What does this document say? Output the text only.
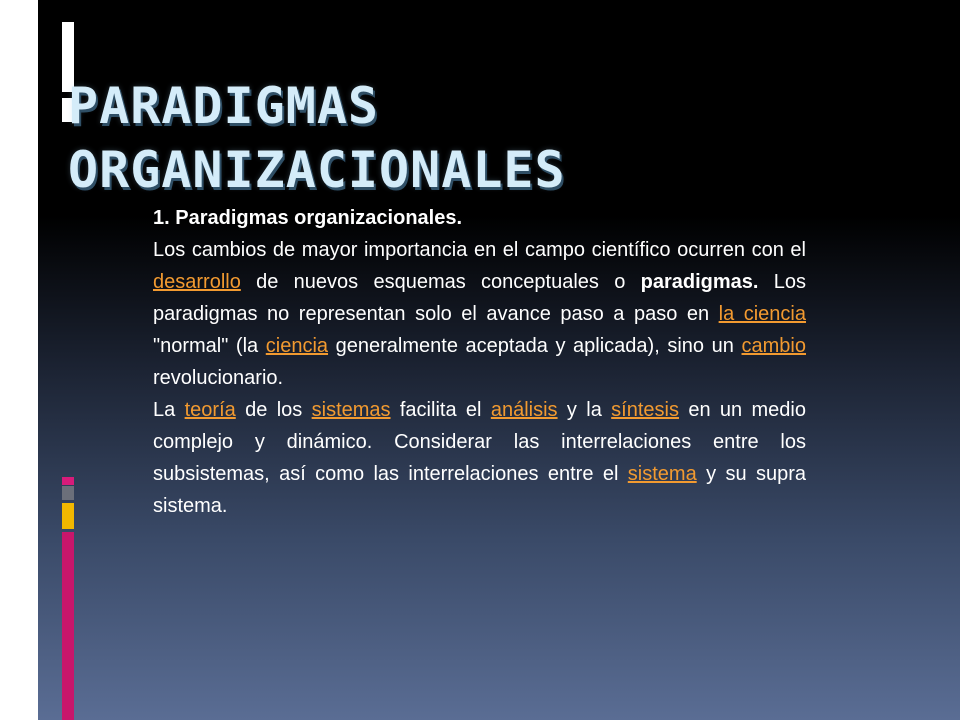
PARADIGMAS
ORGANIZACIONALES

1. Paradigmas organizacionales.

Los cambios de mayor importancia en el campo científico ocurren con el desarrollo de nuevos esquemas conceptuales o paradigmas. Los paradigmas no representan solo el avance paso a paso en la ciencia "normal" (la ciencia generalmente aceptada y aplicada), sino un cambio revolucionario.

La teoría de los sistemas facilita el análisis y la síntesis en un medio complejo y dinámico. Considerar las interrelaciones entre los subsistemas, así como las interrelaciones entre el sistema y su supra sistema.
